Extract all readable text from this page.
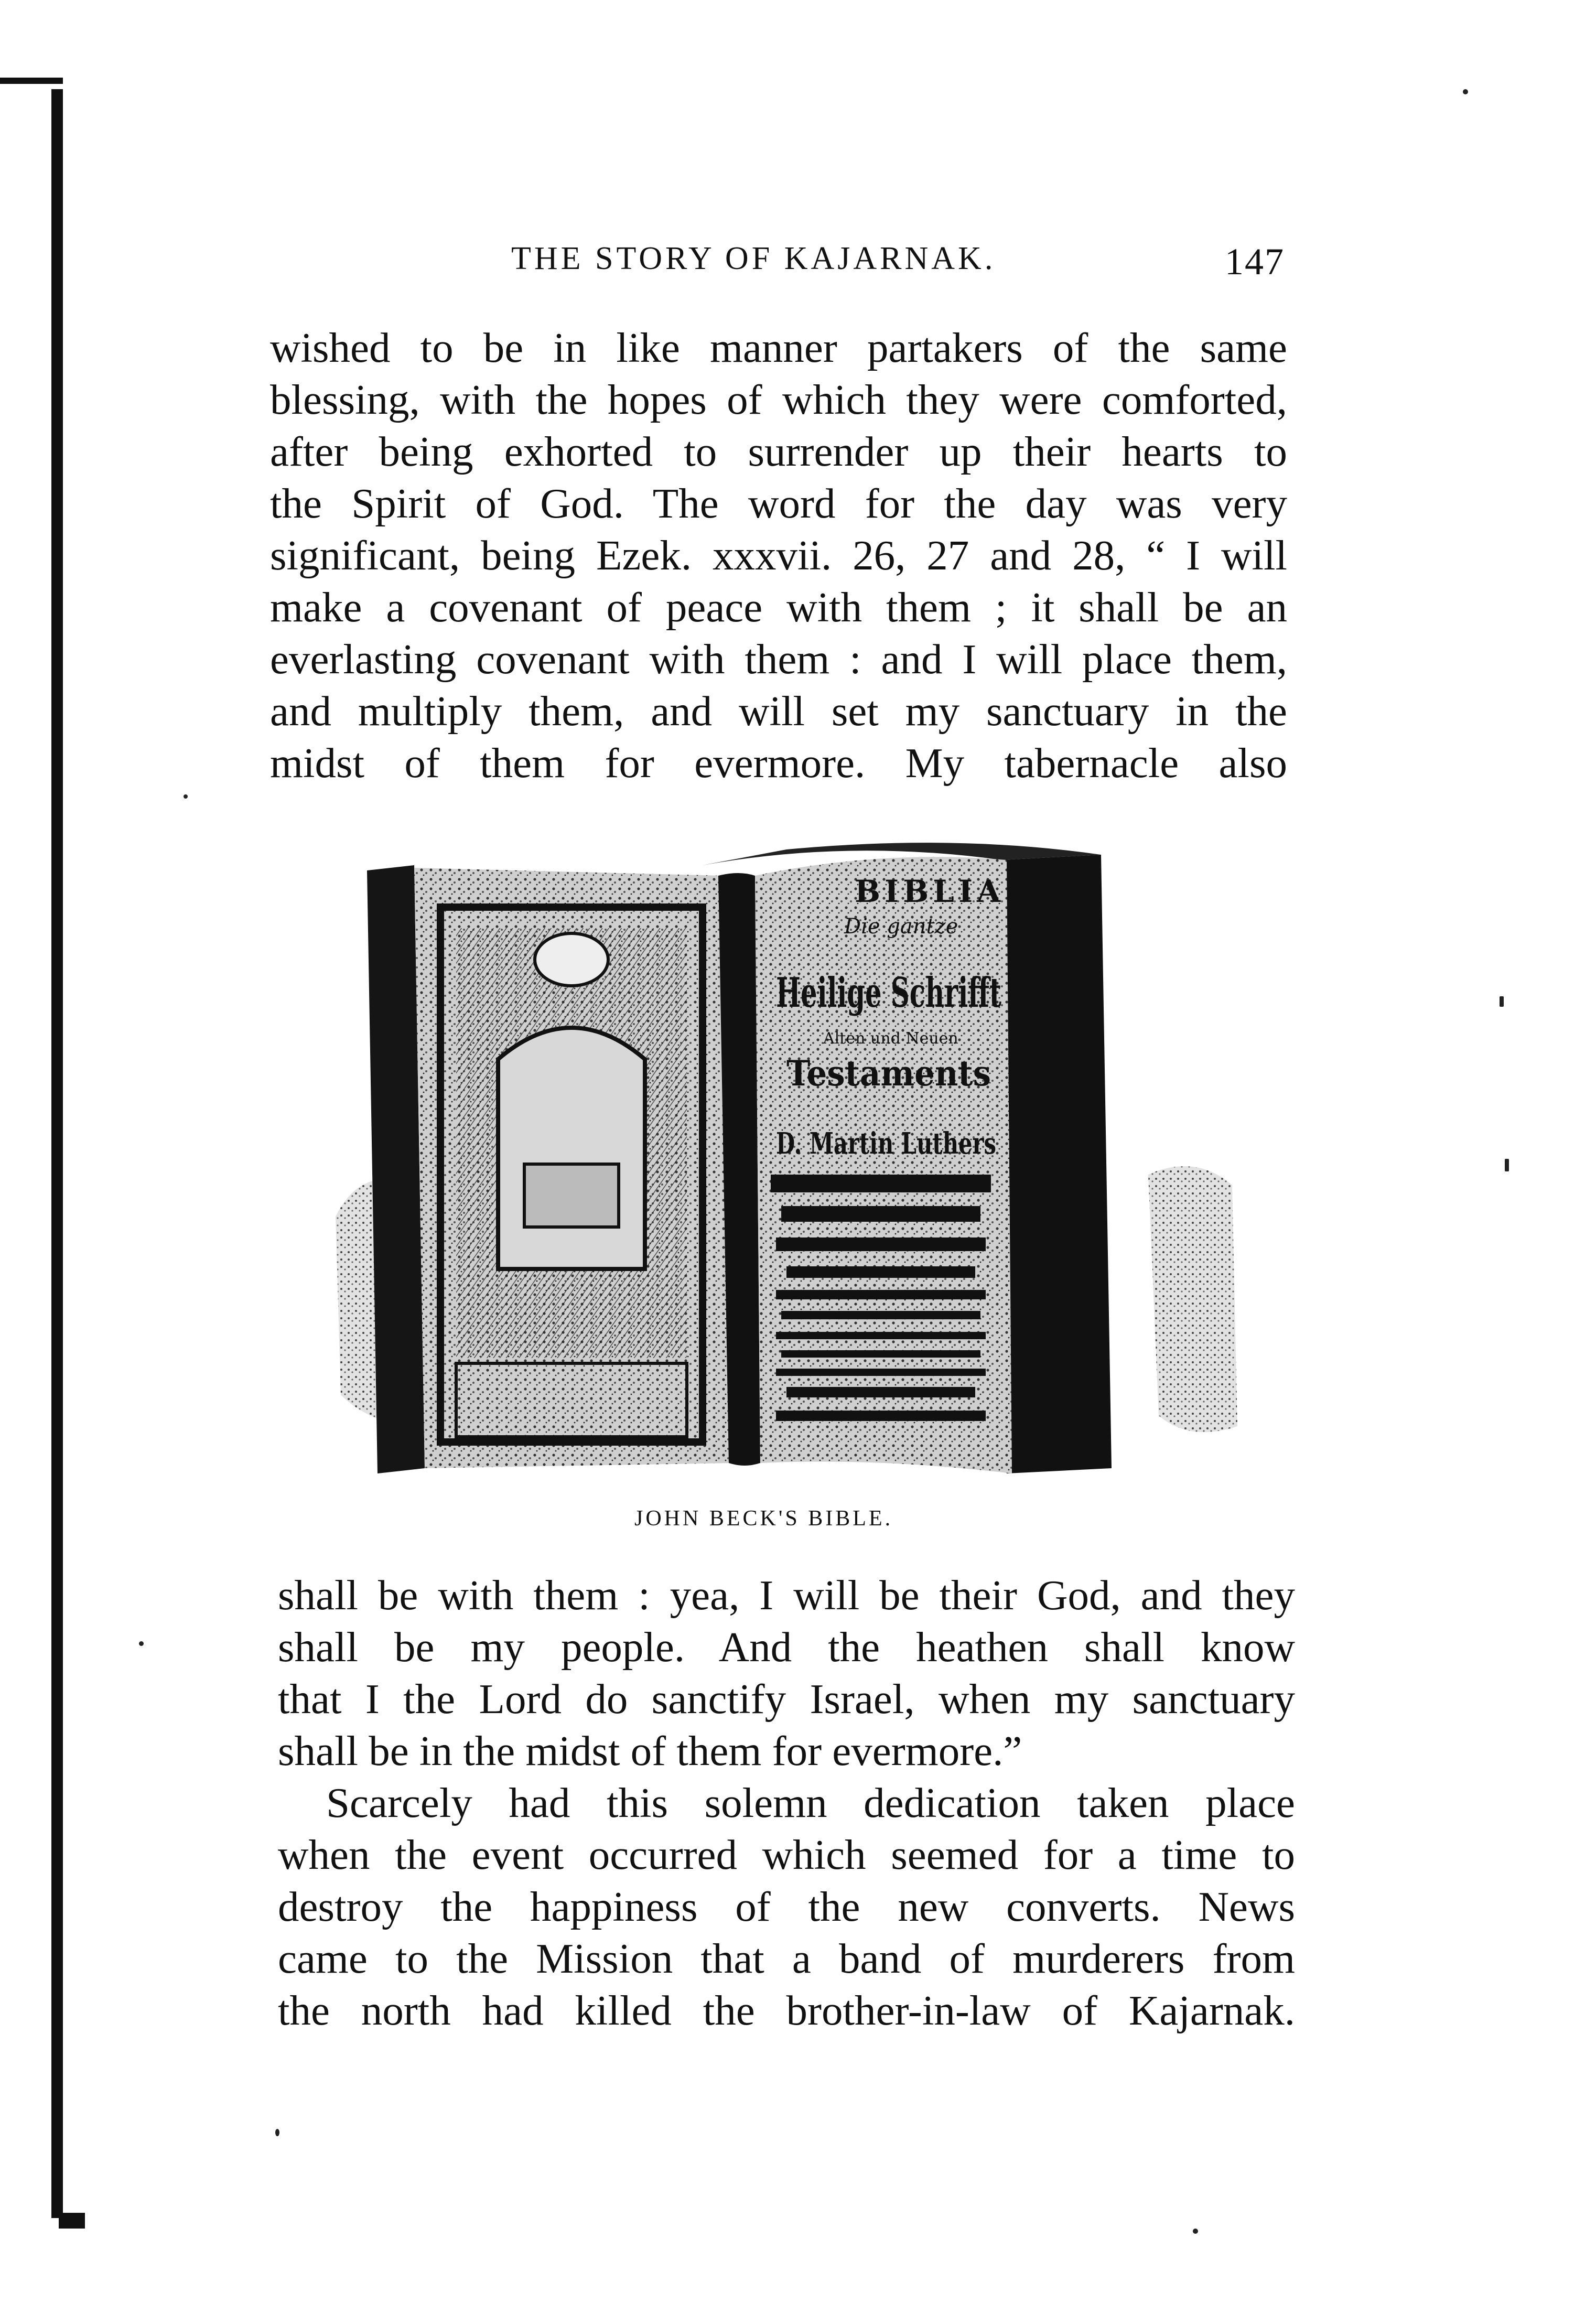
THE STORY OF KAJARNAK.	147
wished to be in like manner partakers of the same
blessing, with the hopes of which they were comforted,
after being exhorted to surrender up their hearts to
the Spirit of God. The word for the day was very
significant, being Ezek. xxxvii. 26, 27 and 28, “ I will
make a covenant of peace with them ; it shall be an
everlasting covenant with them : and I will place them,
and multiply them, and will set my sanctuary in the
midst of them for evermore. My tabernacle also
BIBLIA
Die gantze
Heilige Schrifft
Alten und Neuen
Testaments
D. Martin Luthers
JOHN BECK'S BIBLE.
shall be with them : yea, I will be their God, and they
shall be my people. And the heathen shall know
that I the Lord do sanctify Israel, when my sanctuary
shall be in the midst of them for evermore.”
Scarcely had this solemn dedication taken place
when the event occurred which seemed for a time to
destroy the happiness of the new converts. News
came to the Mission that a band of murderers from
the north had killed the brother-in-law of Kajarnak.
